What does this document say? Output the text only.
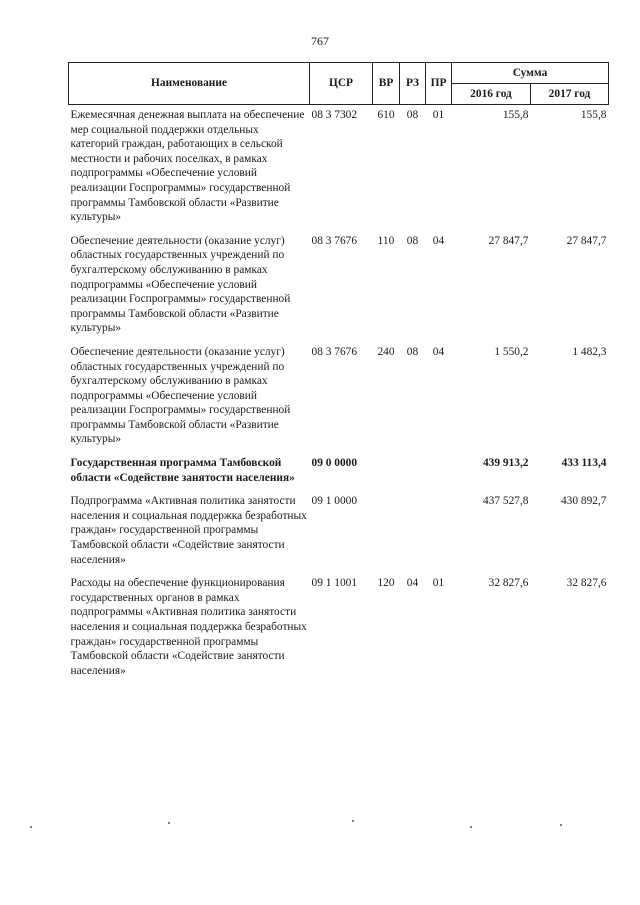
767
Наименование	ЦСР	ВР	РЗ	ПР	Сумма	
					2016 год	2017 год
Ежемесячная денежная выплата на обеспечение мер социальной поддержки отдельных категорий граждан, работающих в сельской местности и рабочих поселках, в рамках подпрограммы «Обеспечение условий реализации Госпрограммы» государственной программы Тамбовской области «Развитие культуры»	08 3 7302	610	08	01	155,8	155,8
Обеспечение деятельности (оказание услуг) областных государственных учреждений по бухгалтерскому обслуживанию в рамках подпрограммы «Обеспечение условий реализации Госпрограммы» государственной программы Тамбовской области «Развитие культуры»	08 3 7676	110	08	04	27 847,7	27 847,7
Обеспечение деятельности (оказание услуг) областных государственных учреждений по бухгалтерскому обслуживанию в рамках подпрограммы «Обеспечение условий реализации Госпрограммы» государственной программы Тамбовской области «Развитие культуры»	08 3 7676	240	08	04	1 550,2	1 482,3
Государственная программа Тамбовской области «Содействие занятости населения»	09 0 0000				439 913,2	433 113,4
Подпрограмма «Активная политика занятости населения и социальная поддержка безработных граждан» государственной программы Тамбовской области «Содействие занятости населения»	09 1 0000				437 527,8	430 892,7
Расходы на обеспечение функционирования государственных органов в рамках подпрограммы «Активная политика занятости населения и социальная поддержка безработных граждан» государственной программы Тамбовской области «Содействие занятости населения»	09 1 1001	120	04	01	32 827,6	32 827,6
